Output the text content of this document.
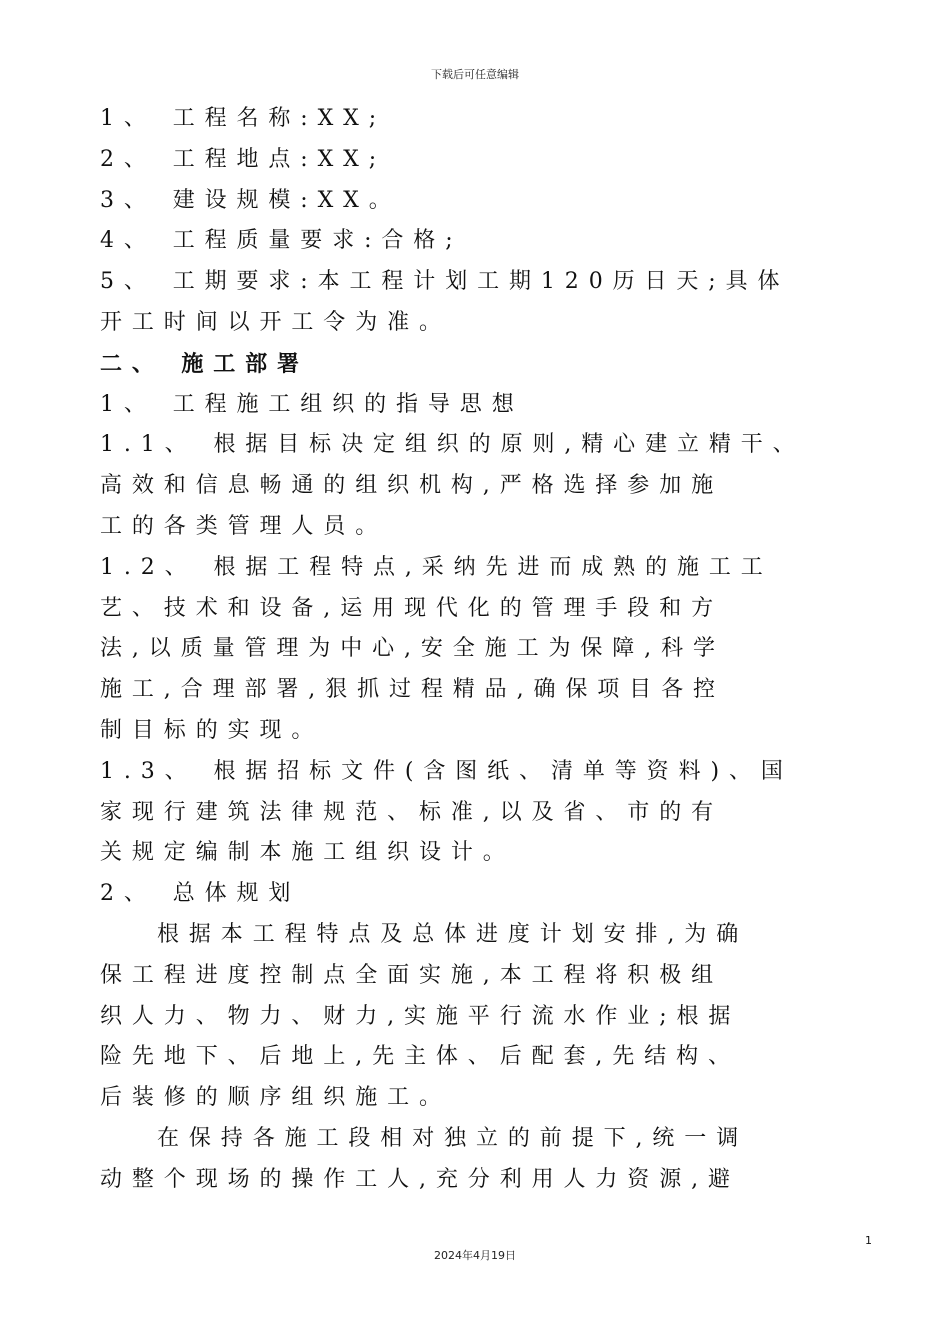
下载后可任意编辑
1、 工程名称:XX;
2、 工程地点:XX;
3、 建设规模:XX。
4、 工程质量要求:合格;
5、 工期要求:本工程计划工期120历日天;具体
开工时间以开工令为准。
二、 施工部署
1、 工程施工组织的指导思想
1.1、 根据目标决定组织的原则,精心建立精干、
高效和信息畅通的组织机构,严格选择参加施
工的各类管理人员。
1.2、 根据工程特点,采纳先进而成熟的施工工
艺、技术和设备,运用现代化的管理手段和方
法,以质量管理为中心,安全施工为保障,科学
施工,合理部署,狠抓过程精品,确保项目各控
制目标的实现。
1.3、 根据招标文件(含图纸、清单等资料)、国
家现行建筑法律规范、标准,以及省、市的有
关规定编制本施工组织设计。
2、 总体规划
根据本工程特点及总体进度计划安排,为确
保工程进度控制点全面实施,本工程将积极组
织人力、物力、财力,实施平行流水作业;根据
险先地下、后地上,先主体、后配套,先结构、
后装修的顺序组织施工。
在保持各施工段相对独立的前提下,统一调
动整个现场的操作工人,充分利用人力资源,避
1
2024年4月19日
